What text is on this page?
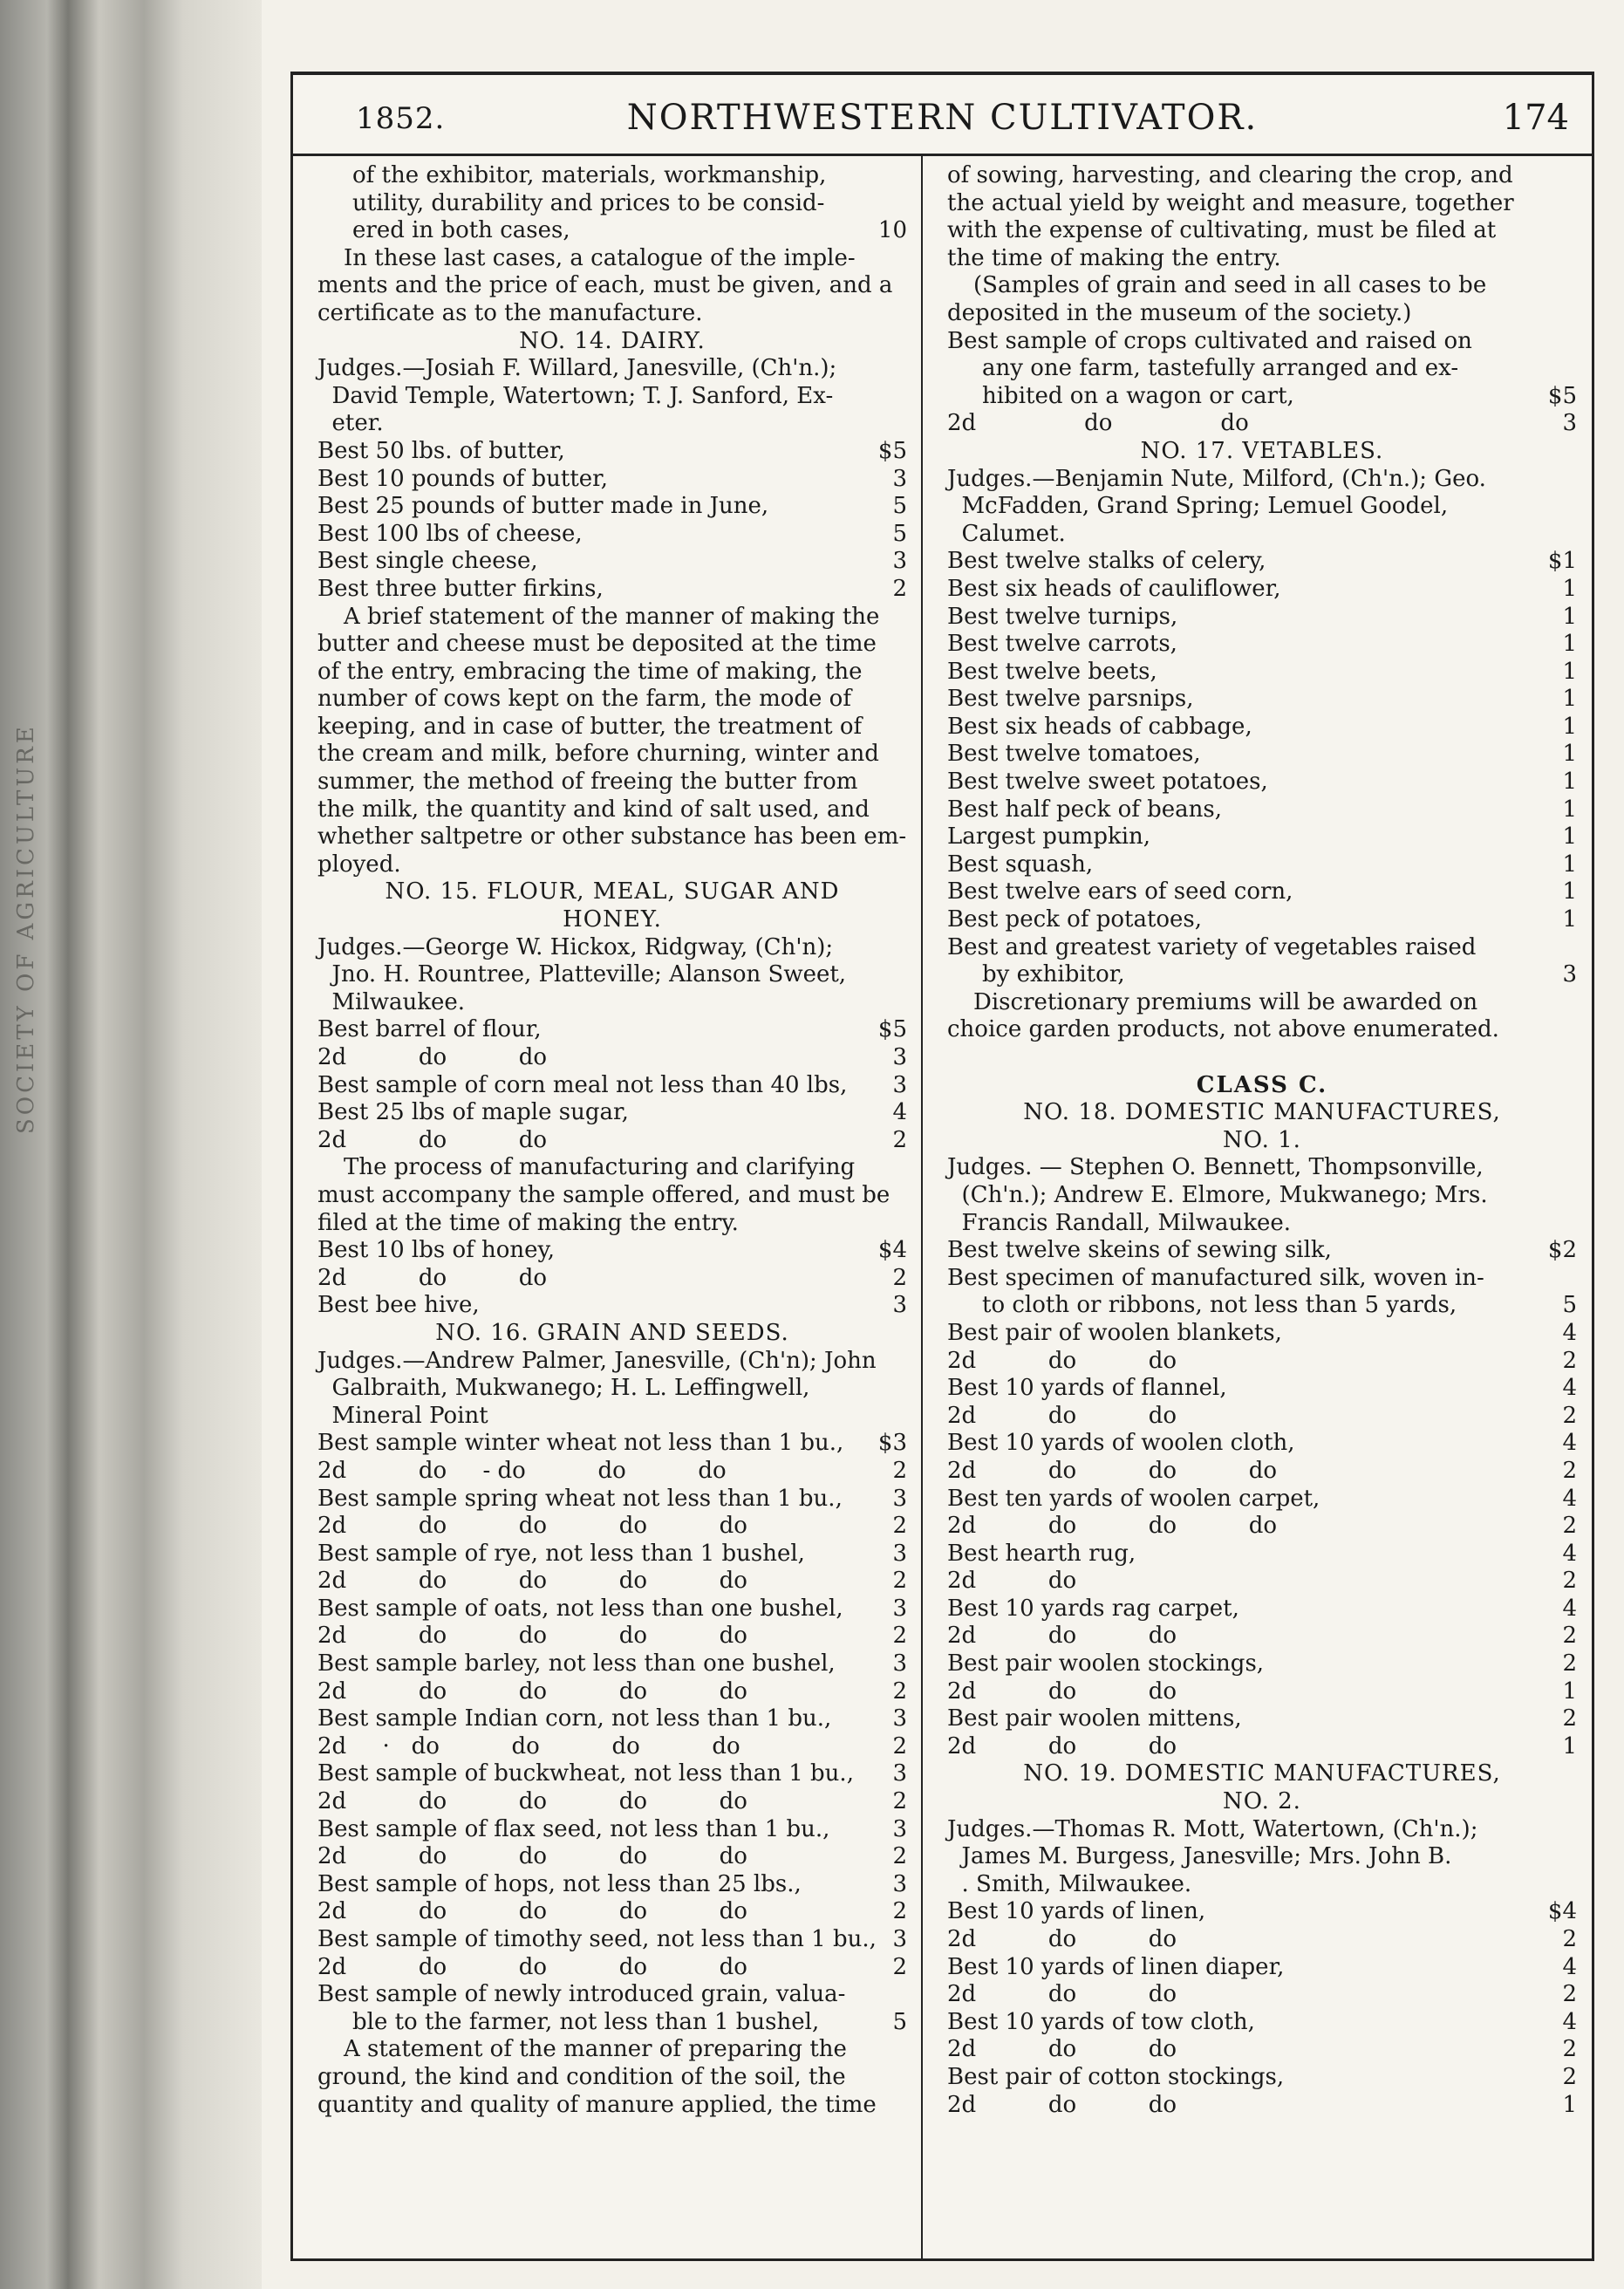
SOCIETY OF AGRICULTURE
1852.	NORTHWESTERN CULTIVATOR.	174
of the exhibitor, materials, workmanship,
utility, durability and prices to be consid-
ered in both cases,	10
In these last cases, a catalogue of the imple-
ments and the price of each, must be given, and a
certificate as to the manufacture.
NO. 14. DAIRY.
Judges.—Josiah F. Willard, Janesville, (Ch'n.);
David Temple, Watertown; T. J. Sanford, Ex-
eter.
Best 50 lbs. of butter,	$5
Best 10 pounds of butter,	3
Best 25 pounds of butter made in June,	5
Best 100 lbs of cheese,	5
Best single cheese,	3
Best three butter firkins,	2
A brief statement of the manner of making the
butter and cheese must be deposited at the time
of the entry, embracing the time of making, the
number of cows kept on the farm, the mode of
keeping, and in case of butter, the treatment of
the cream and milk, before churning, winter and
summer, the method of freeing the butter from
the milk, the quantity and kind of salt used, and
whether saltpetre or other substance has been em-
ployed.
NO. 15. FLOUR, MEAL, SUGAR AND
HONEY.
Judges.—George W. Hickox, Ridgway, (Ch'n);
Jno. H. Rountree, Platteville; Alanson Sweet,
Milwaukee.
Best barrel of flour,	$5
2d          do          do	3
Best sample of corn meal not less than 40 lbs, 3
Best 25 lbs of maple sugar,	4
2d          do          do	2
The process of manufacturing and clarifying
must accompany the sample offered, and must be
filed at the time of making the entry.
Best 10 lbs of honey,	$4
2d          do          do	2
Best bee hive,	3
NO. 16. GRAIN AND SEEDS.
Judges.—Andrew Palmer, Janesville, (Ch'n); John
Galbraith, Mukwanego; H. L. Leffingwell,
Mineral Point
Best sample winter wheat not less than 1 bu., $3
2d          do     - do          do          do	2
Best sample spring wheat not less than 1 bu., 3
2d          do          do          do          do	2
Best sample of rye, not less than 1 bushel,	3
2d          do          do          do          do	2
Best sample of oats, not less than one bushel, 3
2d          do          do          do          do	2
Best sample barley, not less than one bushel,	3
2d          do          do          do          do	2
Best sample Indian corn, not less than 1 bu.,	3
2d     ·   do          do          do          do	2
Best sample of buckwheat, not less than 1 bu., 3
2d          do          do          do          do	2
Best sample of flax seed, not less than 1 bu.,	3
2d          do          do          do          do	2
Best sample of hops, not less than 25 lbs.,	3
2d          do          do          do          do	2
Best sample of timothy seed, not less than 1 bu., 3
2d          do          do          do          do	2
Best sample of newly introduced grain, valua-
ble to the farmer, not less than 1 bushel,	5
A statement of the manner of preparing the
ground, the kind and condition of the soil, the
quantity and quality of manure applied, the time
of sowing, harvesting, and clearing the crop, and
the actual yield by weight and measure, together
with the expense of cultivating, must be filed at
the time of making the entry.
(Samples of grain and seed in all cases to be
deposited in the museum of the society.)
Best sample of crops cultivated and raised on
any one farm, tastefully arranged and ex-
hibited on a wagon or cart,	$5
2d               do               do	3
NO. 17. VETABLES.
Judges.—Benjamin Nute, Milford, (Ch'n.); Geo.
McFadden, Grand Spring; Lemuel Goodel,
Calumet.
Best twelve stalks of celery,	$1
Best six heads of cauliflower,	1
Best twelve turnips,	1
Best twelve carrots,	1
Best twelve beets,	1
Best twelve parsnips,	1
Best six heads of cabbage,	1
Best twelve tomatoes,	1
Best twelve sweet potatoes,	1
Best half peck of beans,	1
Largest pumpkin,	1
Best squash,	1
Best twelve ears of seed corn,	1
Best peck of potatoes,	1
Best and greatest variety of vegetables raised
by exhibitor,	3
Discretionary premiums will be awarded on
choice garden products, not above enumerated.
CLASS C.
NO. 18. DOMESTIC MANUFACTURES,
NO. 1.
Judges. — Stephen O. Bennett, Thompsonville,
(Ch'n.); Andrew E. Elmore, Mukwanego; Mrs.
Francis Randall, Milwaukee.
Best twelve skeins of sewing silk,	$2
Best specimen of manufactured silk, woven in-
to cloth or ribbons, not less than 5 yards,	5
Best pair of woolen blankets,	4
2d          do          do	2
Best 10 yards of flannel,	4
2d          do          do	2
Best 10 yards of woolen cloth,	4
2d          do          do          do	2
Best ten yards of woolen carpet,	4
2d          do          do          do	2
Best hearth rug,	4
2d          do	2
Best 10 yards rag carpet,	4
2d          do          do	2
Best pair woolen stockings,	2
2d          do          do	1
Best pair woolen mittens,	2
2d          do          do	1
NO. 19. DOMESTIC MANUFACTURES,
NO. 2.
Judges.—Thomas R. Mott, Watertown, (Ch'n.);
James M. Burgess, Janesville; Mrs. John B.
. Smith, Milwaukee.
Best 10 yards of linen,	$4
2d          do          do	2
Best 10 yards of linen diaper,	4
2d          do          do	2
Best 10 yards of tow cloth,	4
2d          do          do	2
Best pair of cotton stockings,	2
2d          do          do	1
